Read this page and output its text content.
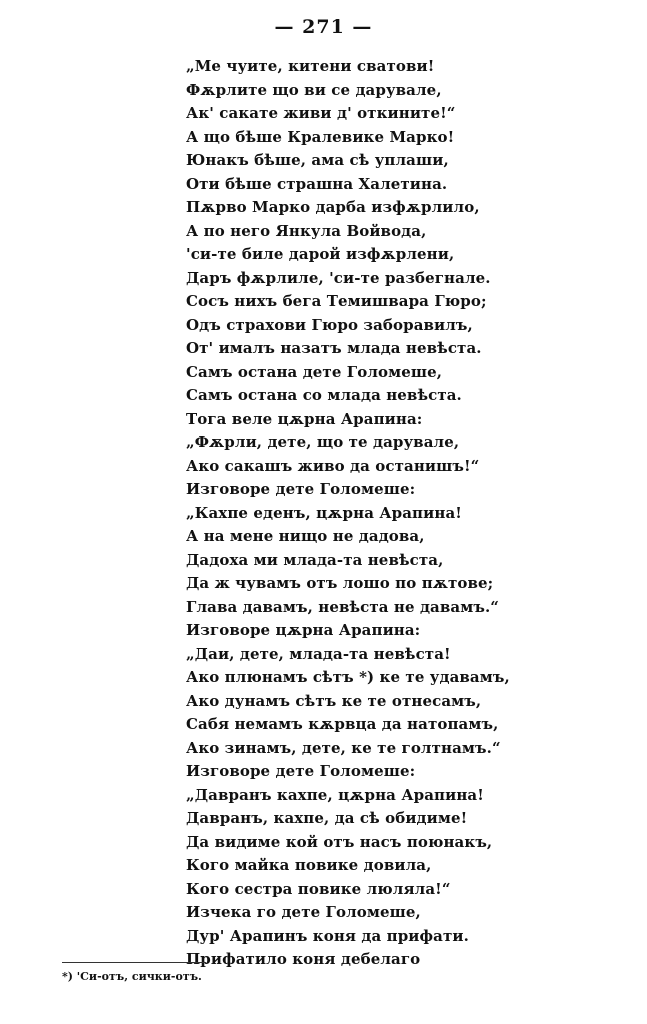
— 271 —
„Ме чуите, китени сватови!
Фѫрлите що ви се дарувале,
Ак' сакате живи д' откините!“
А що бѣше Кралевике Марко!
Юнакъ бѣше, ама сѣ уплаши,
Оти бѣше страшна Халетина.
Пѫрво Марко дарба изфѫрлило,
А по него Янкула Войвода,
'си-те биле дарой изфѫрлени,
Даръ фѫрлиле, 'си-те разбегнале.
Сосъ нихъ бега Темишвара Гюро;
Одъ страхови Гюро заборавилъ,
От' ималъ назатъ млада невѣста.
Самъ остана дете Голомеше,
Самъ остана со млада невѣста.
Тога веле цѫрна Арапина:
„Фѫрли, дете, що те дарувале,
Ако сакашъ живо да останишъ!“
Изговоре дете Голомеше:
„Кахпе еденъ, цѫрна Арапина!
А на мене нищо не дадова,
Дадоха ми млада-та невѣста,
Да ж чувамъ отъ лошо по пѫтове;
Глава давамъ, невѣста не давамъ.“
Изговоре цѫрна Арапина:
„Даи, дете, млада-та невѣста!
Ако плюнамъ сѣтъ *) ке те удавамъ,
Ако дунамъ сѣтъ ке те отнесамъ,
Сабя немамъ кѫрвца да натопамъ,
Ако зинамъ, дете, ке те голтнамъ.“
Изговоре дете Голомеше:
„Давранъ кахпе, цѫрна Арапина!
Давранъ, кахпе, да сѣ обидиме!
Да видиме кой отъ насъ поюнакъ,
Кого майка повике довила,
Кого сестра повике люляла!“
Изчека го дете Голомеше,
Дур' Арапинъ коня да прифати.
Прифатило коня дебелаго
*) 'Си-отъ, сички-отъ.
